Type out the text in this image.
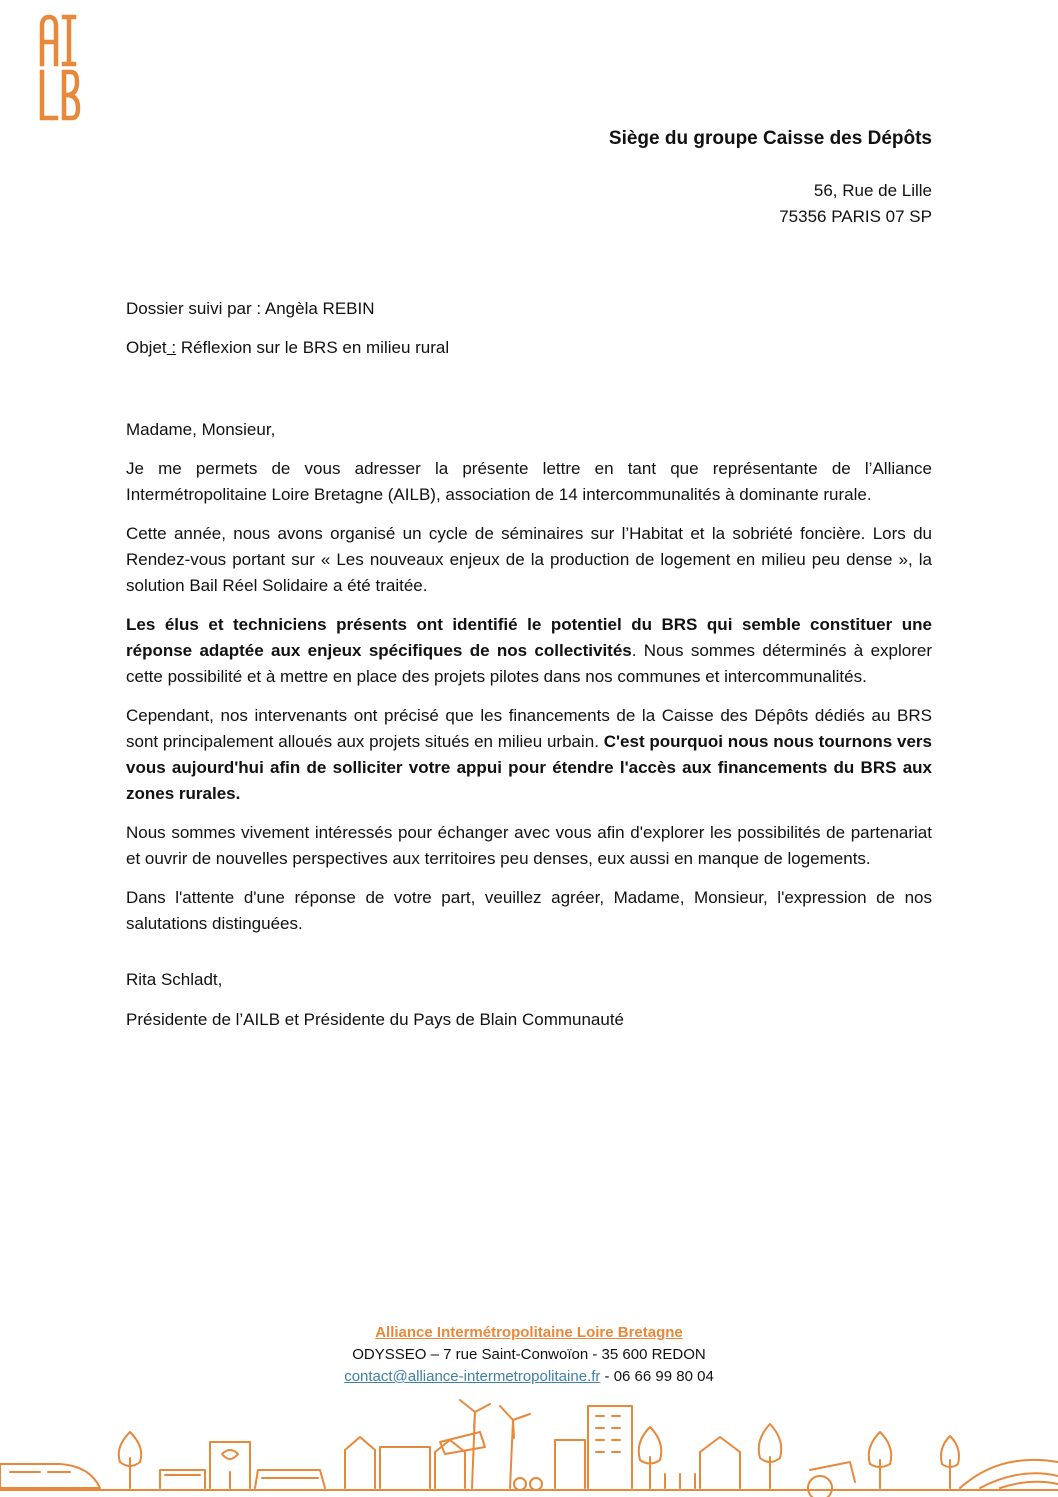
Siège du groupe Caisse des Dépôts
56, Rue de Lille
75356 PARIS 07 SP
Dossier suivi par : Angèla REBIN
Objet : Réflexion sur le BRS en milieu rural
Madame, Monsieur,

Je me permets de vous adresser la présente lettre en tant que représentante de l’Alliance Intermétropolitaine Loire Bretagne (AILB), association de 14 intercommunalités à dominante rurale.

Cette année, nous avons organisé un cycle de séminaires sur l’Habitat et la sobriété foncière. Lors du Rendez-vous portant sur « Les nouveaux enjeux de la production de logement en milieu peu dense », la solution Bail Réel Solidaire a été traitée.

Les élus et techniciens présents ont identifié le potentiel du BRS qui semble constituer une réponse adaptée aux enjeux spécifiques de nos collectivités. Nous sommes déterminés à explorer cette possibilité et à mettre en place des projets pilotes dans nos communes et intercommunalités.

Cependant, nos intervenants ont précisé que les financements de la Caisse des Dépôts dédiés au BRS sont principalement alloués aux projets situés en milieu urbain. C'est pourquoi nous nous tournons vers vous aujourd'hui afin de solliciter votre appui pour étendre l'accès aux financements du BRS aux zones rurales.

Nous sommes vivement intéressés pour échanger avec vous afin d'explorer les possibilités de partenariat et ouvrir de nouvelles perspectives aux territoires peu denses, eux aussi en manque de logements.

Dans l'attente d'une réponse de votre part, veuillez agréer, Madame, Monsieur, l'expression de nos salutations distinguées.

Rita Schladt,
Présidente de l’AILB et Présidente du Pays de Blain Communauté
Alliance Intermétropolitaine Loire Bretagne
ODYSSEO – 7 rue Saint-Conwoïon - 35 600 REDON
contact@alliance-intermetropolitaine.fr - 06 66 99 80 04
